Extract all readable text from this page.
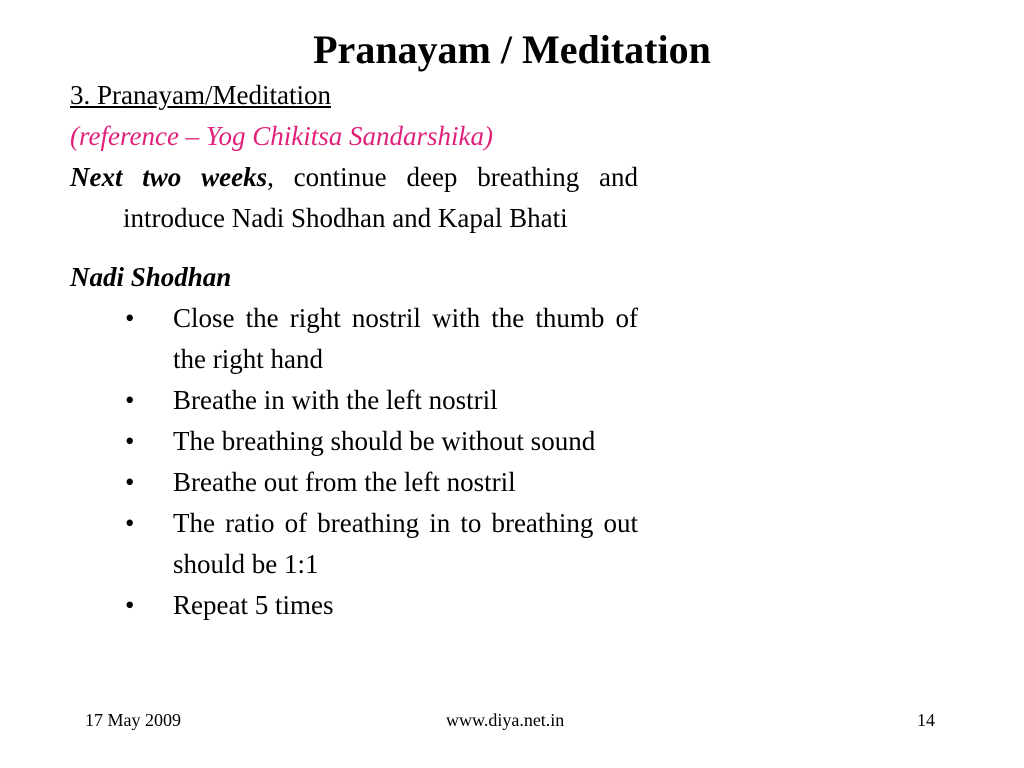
Pranayam / Meditation

3. Pranayam/Meditation

(reference – Yog Chikitsa Sandarshika)

Next two weeks, continue deep breathing and introduce Nadi Shodhan and Kapal Bhati

Nadi Shodhan

• Close the right nostril with the thumb of the right hand
• Breathe in with the left nostril
• The breathing should be without sound
• Breathe out from the left nostril
• The ratio of breathing in to breathing out should be 1:1
• Repeat 5 times
17 May 2009	www.diya.net.in	14
